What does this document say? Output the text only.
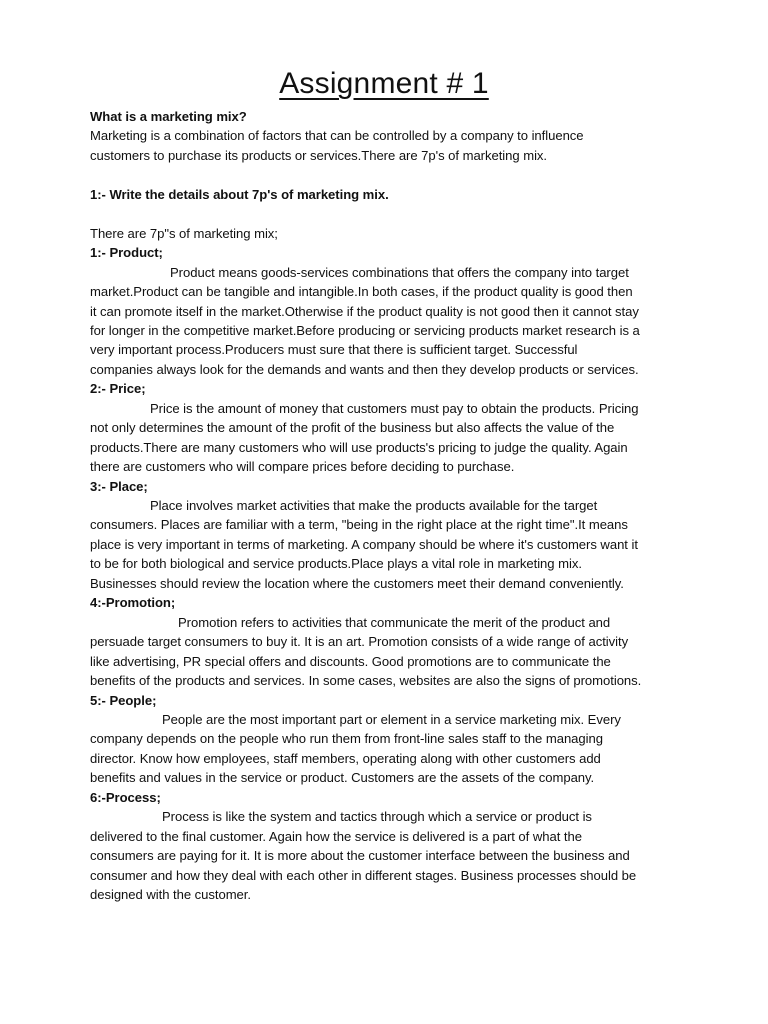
Assignment # 1
What is a marketing mix?
Marketing is a combination of factors that can be controlled by a company to influence
customers to purchase its products or services.There are 7p's of marketing mix.
1:- Write the details about 7p's of marketing mix.
There are 7p"s of marketing mix;
1:- Product;
Product means goods-services combinations that offers the company into target
market.Product can be tangible and intangible.In both cases, if the product quality is good then
it can promote itself in the market.Otherwise if the product quality is not good then it cannot stay
for longer in the competitive market.Before producing or servicing products market research is a
very important process.Producers must sure that there is sufficient target. Successful
companies always look for the demands and wants and then they develop products or services.
2:- Price;
Price is the amount of money that customers must pay to obtain the products. Pricing
not only determines the amount of the profit of the business but also affects the value of the
products.There are many customers who will use products's pricing to judge the quality. Again
there are customers who will compare prices before deciding to purchase.
3:- Place;
Place involves market activities that make the products available for the target
consumers. Places are familiar with a term, "being in the right place at the right time".It means
place is very important in terms of marketing. A company should be where it's customers want it
to be for both biological and service products.Place plays a vital role in marketing mix.
Businesses should review the location where the customers meet their demand conveniently.
4:-Promotion;
Promotion refers to activities that communicate the merit of the product and
persuade target consumers to buy it. It is an art. Promotion consists of a wide range of activity
like advertising, PR special offers and discounts. Good promotions are to communicate the
benefits of the products and services. In some cases, websites are also the signs of promotions.
5:- People;
People are the most important part or element in a service marketing mix. Every
company depends on the people who run them from front-line sales staff to the managing
director. Know how employees, staff members, operating along with other customers add
benefits and values in the service or product. Customers are the assets of the company.
6:-Process;
Process is like the system and tactics through which a service or product is
delivered to the final customer. Again how the service is delivered is a part of what the
consumers are paying for it. It is more about the customer interface between the business and
consumer and how they deal with each other in different stages. Business processes should be
designed with the customer.
